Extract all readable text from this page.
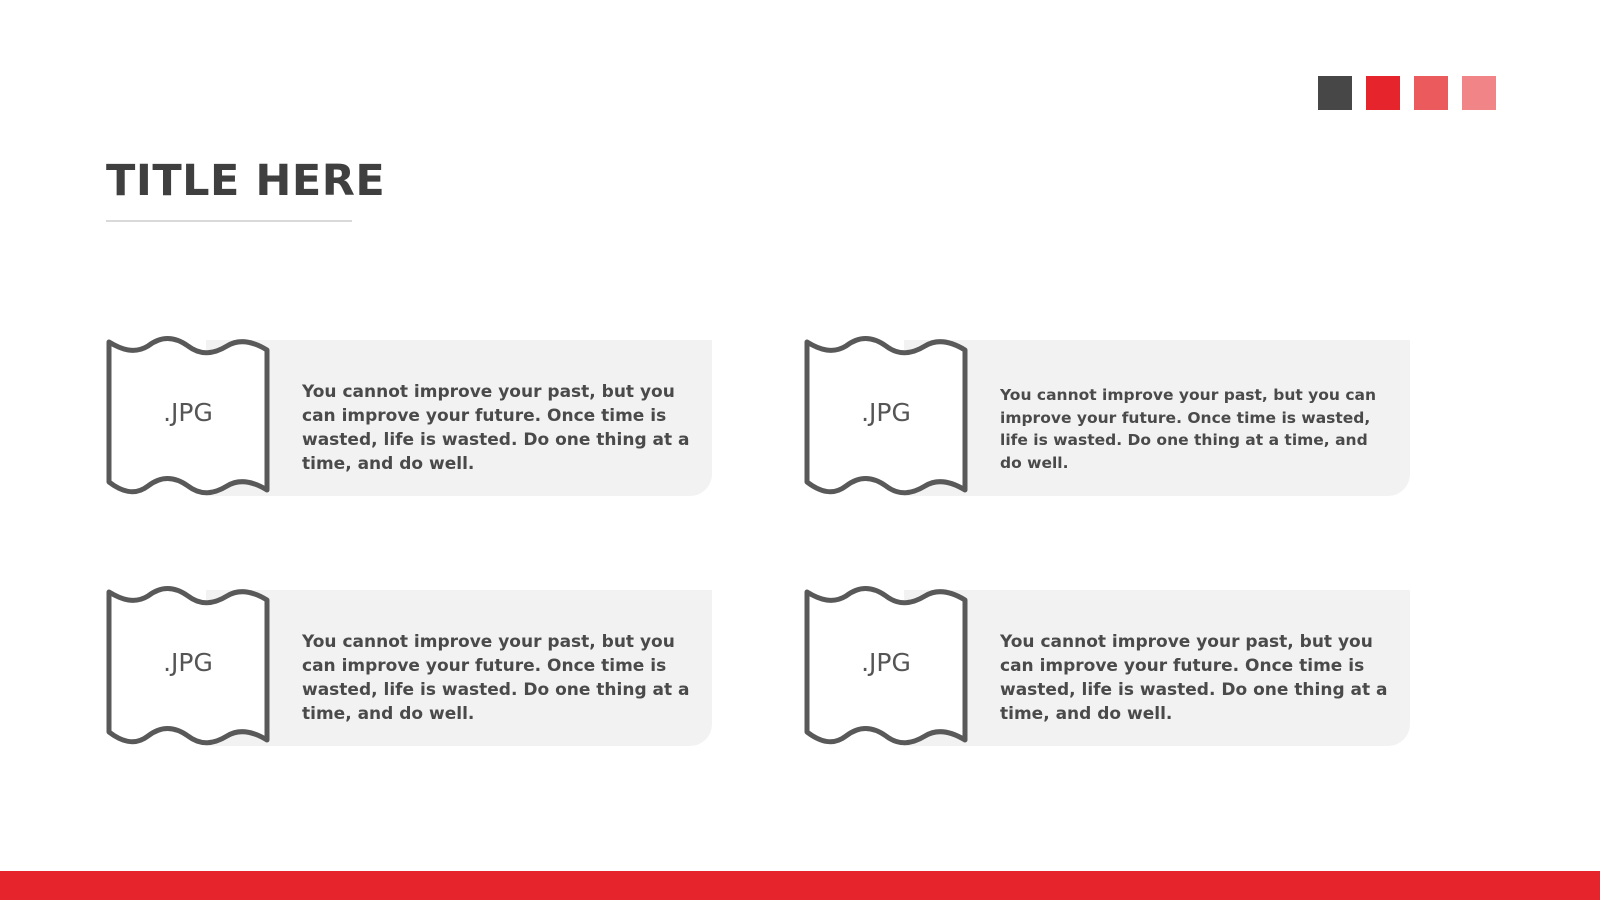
TITLE HERE
.JPG
You cannot improve your past, but you can improve your future. Once time is wasted, life is wasted. Do one thing at a time, and do well.
.JPG
You cannot improve your past, but you can improve your future. Once time is wasted, life is wasted. Do one thing at a time, and do well.
.JPG
You cannot improve your past, but you can improve your future. Once time is wasted, life is wasted. Do one thing at a time, and do well.
.JPG
You cannot improve your past, but you can improve your future. Once time is wasted, life is wasted. Do one thing at a time, and do well.
